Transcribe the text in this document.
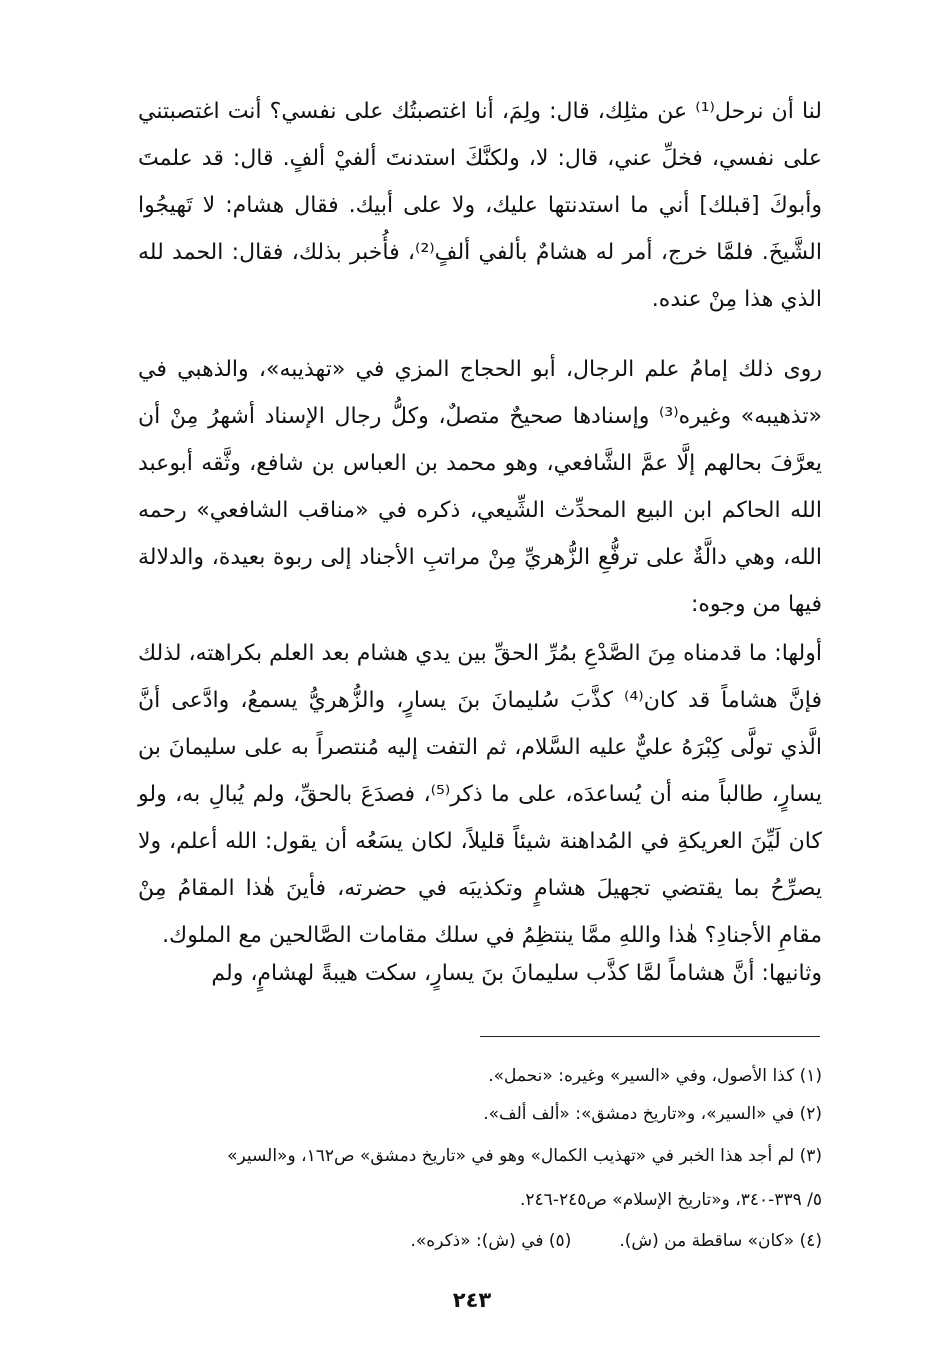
لنا أن نرحل⁽¹⁾ عن مثلِك، قال: ولِمَ، أنا اغتصبتُك على نفسي؟ أنت اغتصبتني على نفسي، فخلِّ عني، قال: لا، ولكنَّكَ استدنتَ ألفيْ ألفٍ. قال: قد علمتَ وأبوكَ [قبلك] أني ما استدنتها عليك، ولا على أبيك. فقال هشام: لا تَهيجُوا الشَّيخَ. فلمَّا خرج، أمر له هشامٌ بألفي ألفٍ⁽²⁾، فأُخبر بذلك، فقال: الحمد لله الذي هذا مِنْ عنده.

روى ذلك إمامُ علم الرجال، أبو الحجاج المزي في «تهذيبه»، والذهبي في «تذهيبه» وغيره⁽³⁾ وإسنادها صحيحٌ متصلٌ، وكلُّ رجال الإسناد أشهرُ مِنْ أن يعرَّفَ بحالهم إلَّا عمَّ الشَّافعي، وهو محمد بن العباس بن شافع، وثَّقه أبوعبد الله الحاكم ابن البيع المحدِّث الشِّيعي، ذكره في «مناقب الشافعي» رحمه الله، وهي دالَّةٌ على ترفُّعِ الزُّهريِّ مِنْ مراتبِ الأجناد إلى ربوة بعيدة، والدلالة فيها من وجوه:

أولها: ما قدمناه مِنَ الصَّدْعِ بمُرِّ الحقِّ بين يدي هشام بعد العلم بكراهته، لذلك فإنَّ هشاماً قد كان⁽⁴⁾ كذَّبَ سُليمانَ بنَ يسارٍ، والزُّهريُّ يسمعُ، وادَّعى أنَّ الَّذي تولَّى كِبْرَهُ عليٌّ عليه السَّلام، ثم التفت إليه مُنتصراً به على سليمانَ بن يسارٍ، طالباً منه أن يُساعدَه، على ما ذكر⁽⁵⁾، فصدَعَ بالحقِّ، ولم يُبالِ به، ولو كان لَيِّنَ العريكةِ في المُداهنة شيئاً قليلاً، لكان يسَعُه أن يقول: الله أعلم، ولا يصرِّحُ بما يقتضي تجهيلَ هشامٍ وتكذيبَه في حضرته، فأينَ هٰذا المقامُ مِنْ مقامِ الأجنادِ؟ هٰذا واللهِ ممَّا ينتظِمُ في سلك مقامات الصَّالحين مع الملوك.

وثانيها: أنَّ هشاماً لمَّا كذَّب سليمانَ بنَ يسارٍ، سكت هيبةً لهشامٍ، ولم

(١) كذا الأصول، وفي «السير» وغيره: «نحمل».

(٢) في «السير»، و«تاريخ دمشق»: «ألف ألف».

(٣) لم أجد هذا الخبر في «تهذيب الكمال» وهو في «تاريخ دمشق» ص١٦٢، و«السير»

٥/ ٣٣٩-٣٤٠، و«تاريخ الإسلام» ص٢٤٥-٢٤٦.

(٤) «كان» ساقطة من (ش).
(٥) في (ش): «ذكره».
٢٤٣
